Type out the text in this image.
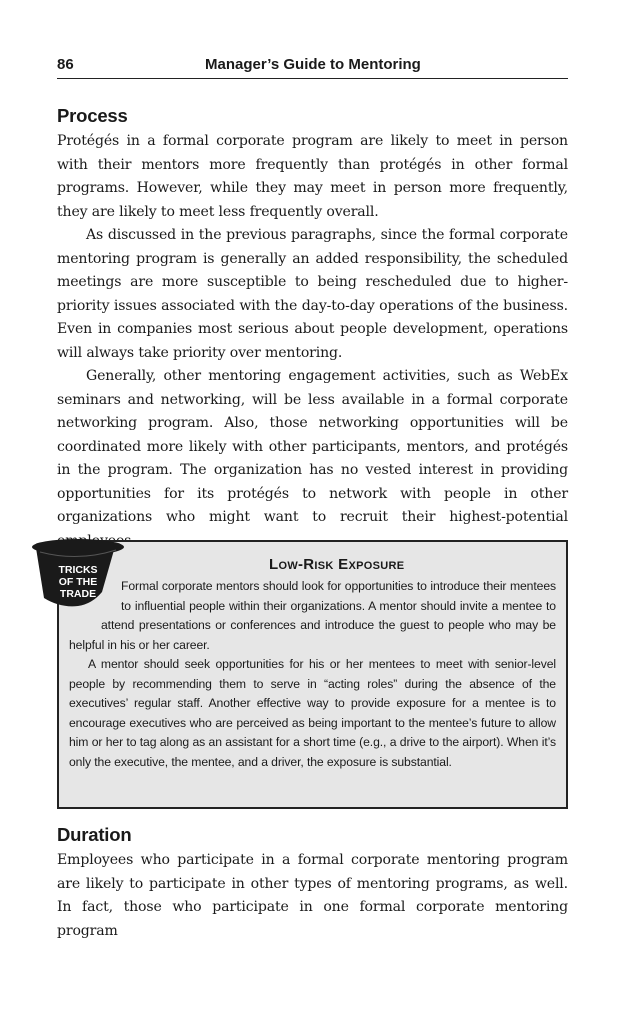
86	Manager’s Guide to Mentoring
Process

Protégés in a formal corporate program are likely to meet in person with their mentors more frequently than protégés in other formal programs. However, while they may meet in person more frequently, they are likely to meet less frequently overall.

As discussed in the previous paragraphs, since the formal corporate mentoring program is generally an added responsibility, the scheduled meetings are more susceptible to being rescheduled due to higher-priority issues associated with the day-to-day operations of the business. Even in companies most serious about people development, operations will always take priority over mentoring.

Generally, other mentoring engagement activities, such as WebEx seminars and networking, will be less available in a formal corporate networking program. Also, those networking opportunities will be coordinated more likely with other participants, mentors, and protégés in the program. The organization has no vested interest in providing opportunities for its protégés to network with people in other organizations who might want to recruit their highest-potential

Low-Risk Exposure

Formal corporate mentors should look for opportunities to introduce their mentees to influential people within their organizations. A mentor should invite a mentee to attend presentations or conferences and introduce the guest to people who may be helpful in his or her career.

A mentor should seek opportunities for his or her mentees to meet with senior-level people by recommending them to serve in “acting roles” during the absence of the executives’ regular staff. Another effective way to provide exposure for a mentee is to encourage executives who are perceived as being important to the mentee’s future to allow him or her to tag along as an assistant for a short time (e.g., a drive to the airport). When it’s only the executive, the mentee, and a driver, the exposure is substantial.

TRICKS
OF THE
TRADE
Duration

Employees who participate in a formal corporate mentoring program are likely to participate in other types of mentoring programs, as well. In fact, those who participate in one formal corporate mentoring program
